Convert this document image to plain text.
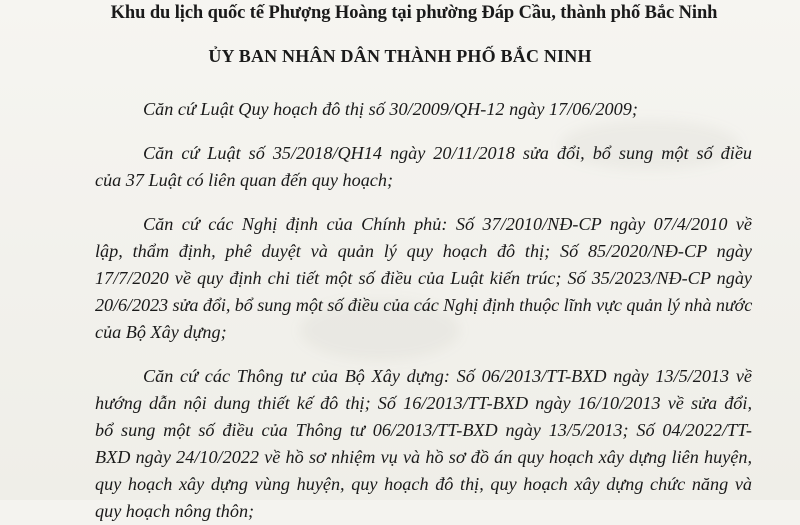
Khu du lịch quốc tế Phượng Hoàng tại phường Đáp Cầu, thành phố Bắc Ninh
ỦY BAN NHÂN DÂN THÀNH PHỐ BẮC NINH
Căn cứ Luật Quy hoạch đô thị số 30/2009/QH-12 ngày 17/06/2009;
Căn cứ Luật số 35/2018/QH14 ngày 20/11/2018 sửa đổi, bổ sung một số điều
của 37 Luật có liên quan đến quy hoạch;
Căn cứ các Nghị định của Chính phủ: Số 37/2010/NĐ-CP ngày 07/4/2010 về
lập, thẩm định, phê duyệt và quản lý quy hoạch đô thị; Số 85/2020/NĐ-CP ngày
17/7/2020 về quy định chi tiết một số điều của Luật kiến trúc; Số 35/2023/NĐ-CP ngày
20/6/2023 sửa đổi, bổ sung một số điều của các Nghị định thuộc lĩnh vực quản lý nhà nước
của Bộ Xây dựng;
Căn cứ các Thông tư của Bộ Xây dựng: Số 06/2013/TT-BXD ngày 13/5/2013 về
hướng dẫn nội dung thiết kế đô thị; Số 16/2013/TT-BXD ngày 16/10/2013 về sửa đổi,
bổ sung một số điều của Thông tư 06/2013/TT-BXD ngày 13/5/2013; Số 04/2022/TT-
BXD ngày 24/10/2022 về hồ sơ nhiệm vụ và hồ sơ đồ án quy hoạch xây dựng liên huyện,
quy hoạch xây dựng vùng huyện, quy hoạch đô thị, quy hoạch xây dựng chức năng và
quy hoạch nông thôn;
